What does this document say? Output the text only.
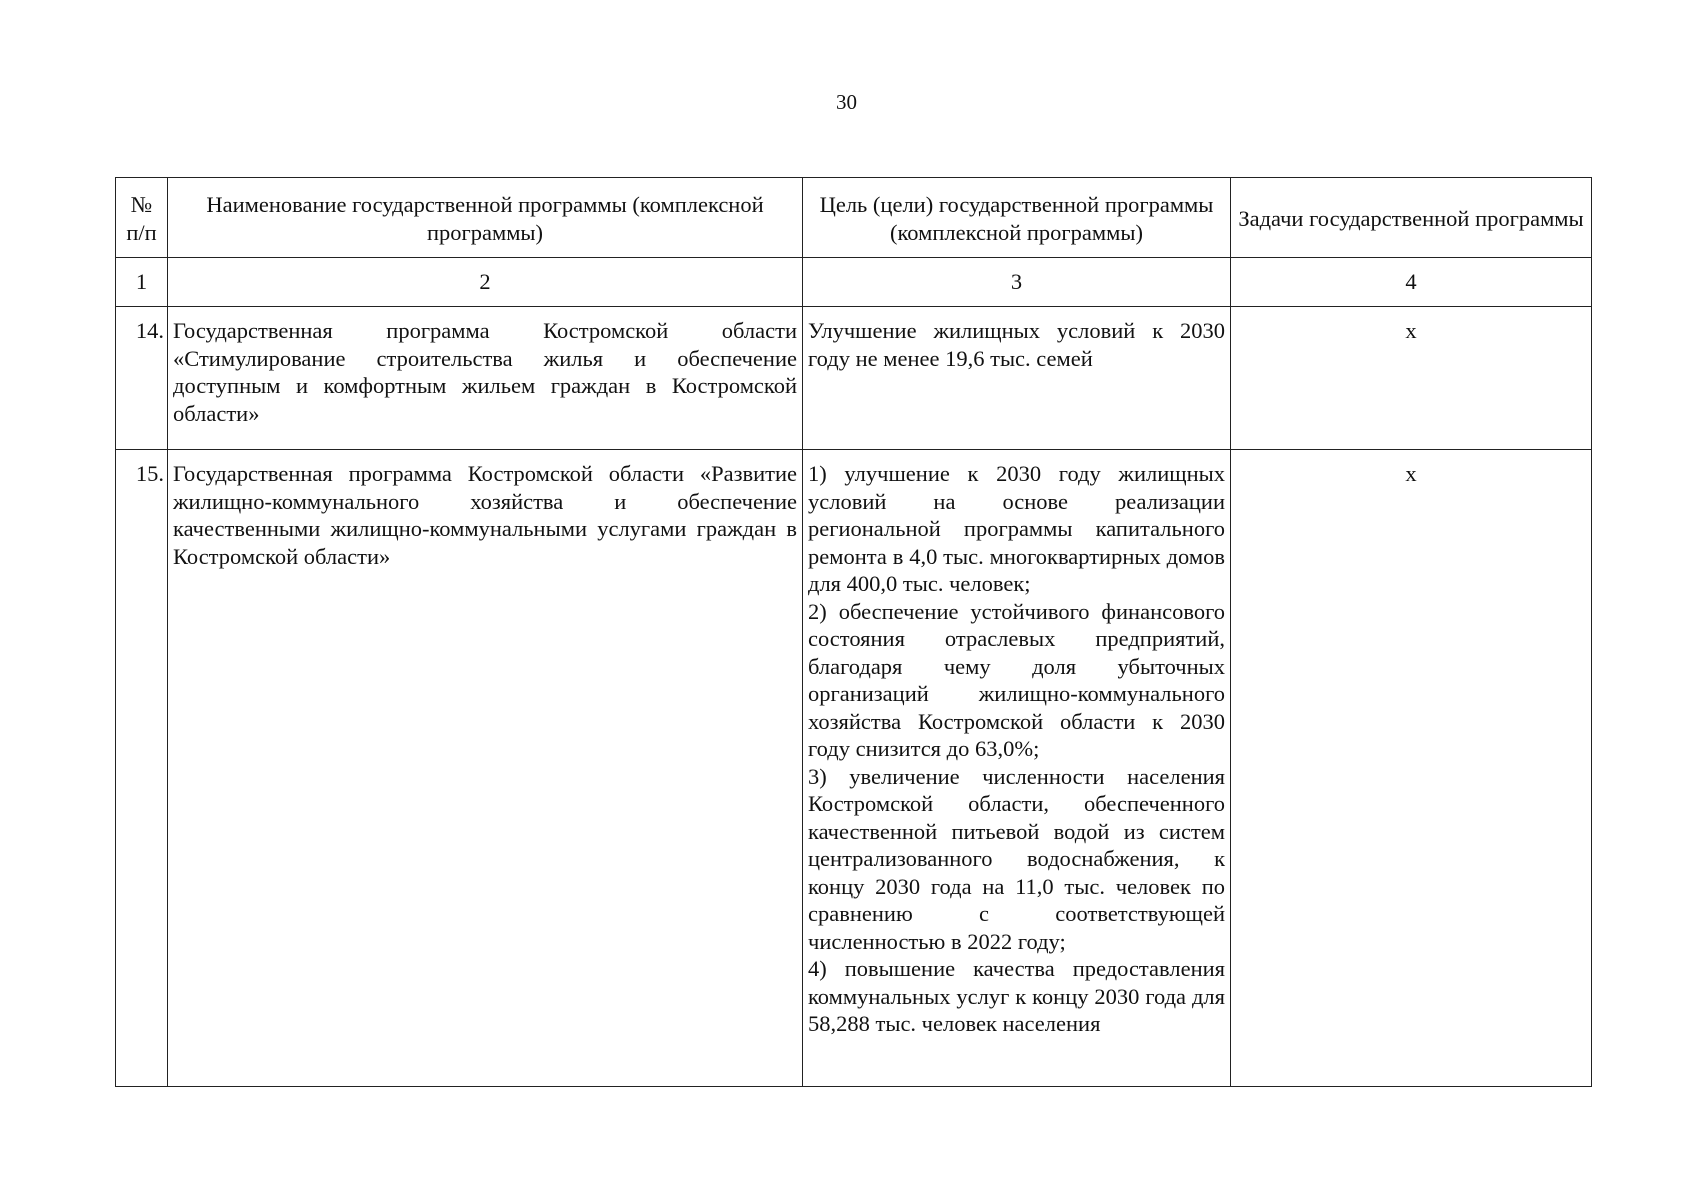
30
№ п/п	Наименование государственной программы (комплексной программы)	Цель (цели) государственной программы (комплексной программы)	Задачи государственной программы
1	2	3	4
14.	Государственная программа Костромской области «Стимулирование строительства жилья и обеспечение доступным и комфортным жильем граждан в Костромской области»	Улучшение жилищных условий к 2030 году не менее 19,6 тыс. семей	x
15.	Государственная программа Костромской области «Развитие жилищно-коммунального хозяйства и обеспечение качественными жилищно-коммунальными услугами граждан в Костромской области»	1) улучшение к 2030 году жилищных условий на основе реализации региональной программы капитального ремонта в 4,0 тыс. многоквартирных домов для 400,0 тыс. человек;
2) обеспечение устойчивого финансового состояния отраслевых предприятий, благодаря чему доля убыточных организаций жилищно-коммунального хозяйства Костромской области к 2030 году снизится до 63,0%;
3) увеличение численности населения Костромской области, обеспеченного качественной питьевой водой из систем централизованного водоснабжения, к концу 2030 года на 11,0 тыс. человек по сравнению с соответствующей численностью в 2022 году;
4) повышение качества предоставления коммунальных услуг к концу 2030 года для 58,288 тыс. человек населения	x
